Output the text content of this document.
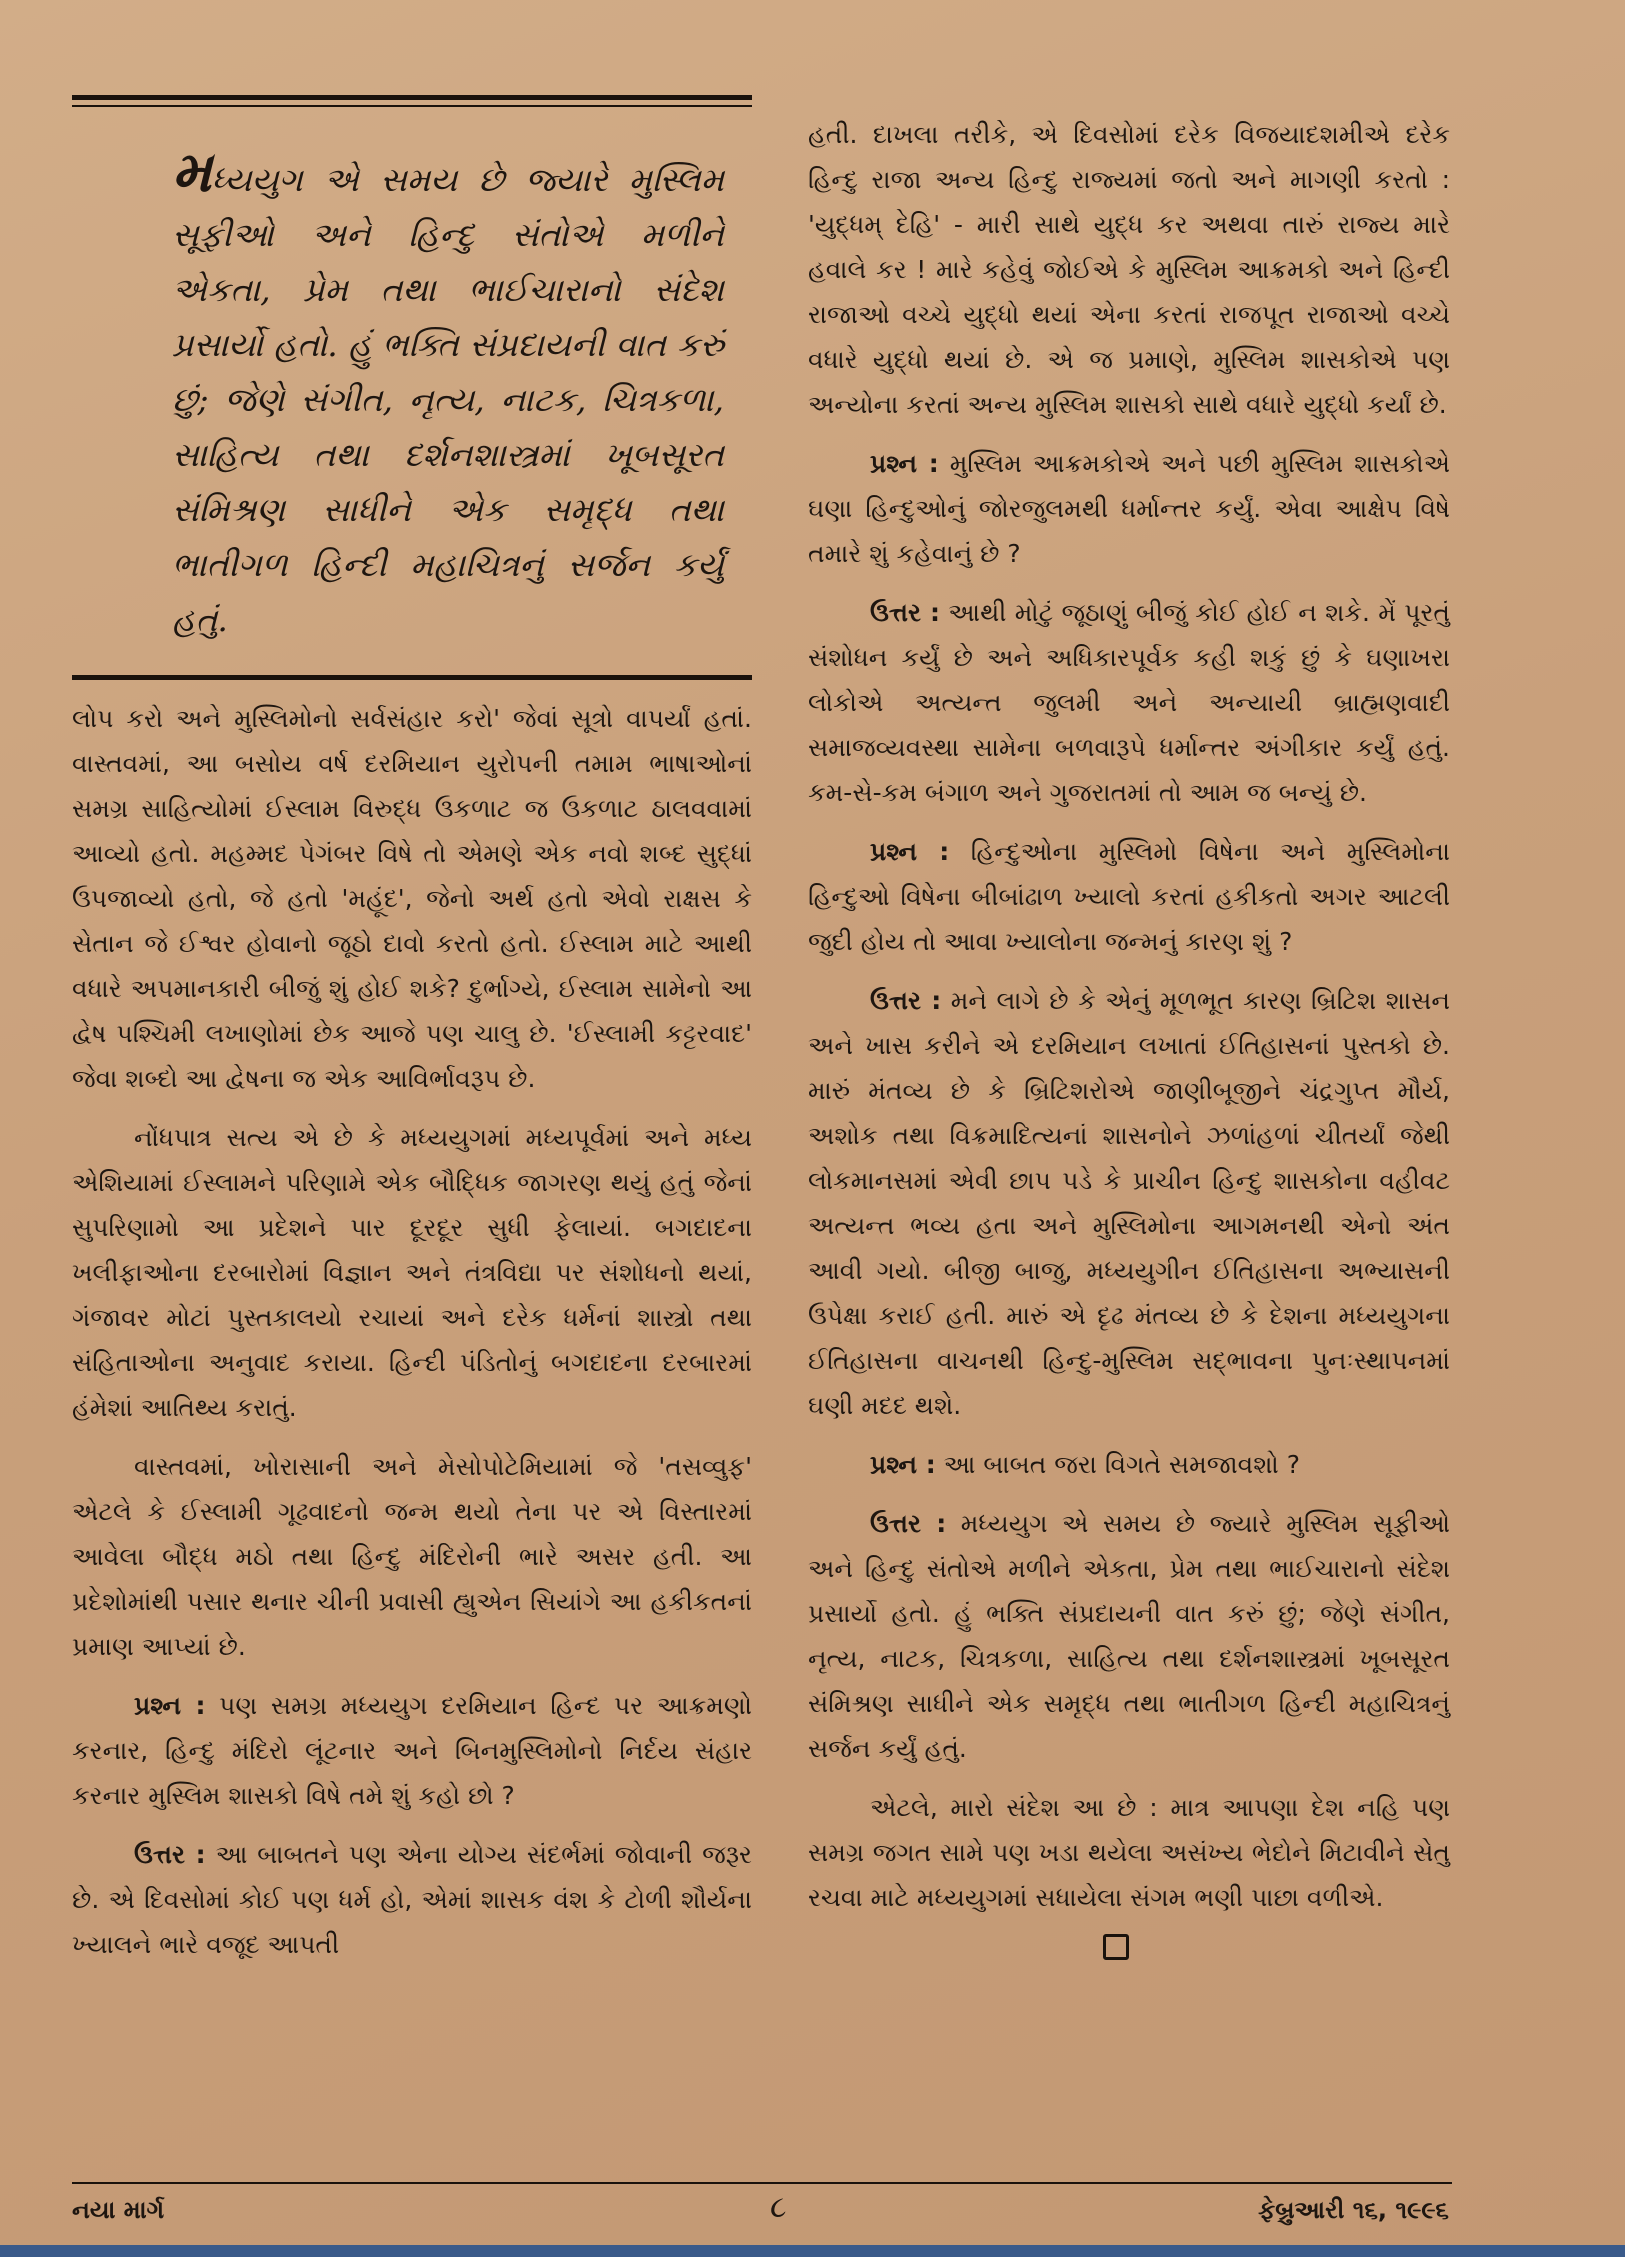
મધ્યયુગ એ સમય છે જ્યારે મુસ્લિમ સૂફીઓ અને હિન્દુ સંતોએ મળીને એકતા, પ્રેમ તથા ભાઈચારાનો સંદેશ પ્રસાર્યો હતો. હું ભક્તિ સંપ્રદાયની વાત કરું છું; જેણે સંગીત, નૃત્ય, નાટક, ચિત્રકળા, સાહિત્ય તથા દર્શનશાસ્ત્રમાં ખૂબસૂરત સંમિશ્રણ સાધીને એક સમૃદ્ધ તથા ભાતીગળ હિન્દી મહાચિત્રનું સર્જન કર્યું હતું.

લોપ કરો અને મુસ્લિમોનો સર્વસંહાર કરો' જેવાં સૂત્રો વાપર્યાં હતાં. વાસ્તવમાં, આ બસોય વર્ષ દરમિયાન યુરોપની તમામ ભાષાઓનાં સમગ્ર સાહિત્યોમાં ઈસ્લામ વિરુદ્ધ ઉકળાટ જ ઉકળાટ ઠાલવવામાં આવ્યો હતો. મહમ્મદ પેગંબર વિષે તો એમણે એક નવો શબ્દ સુદ્ધાં ઉપજાવ્યો હતો, જે હતો 'મહૂંદ', જેનો અર્થ હતો એવો રાક્ષસ કે સેતાન જે ઈશ્વર હોવાનો જૂઠો દાવો કરતો હતો. ઈસ્લામ માટે આથી વધારે અપમાનકારી બીજું શું હોઈ શકે? દુર્ભાગ્યે, ઈસ્લામ સામેનો આ દ્વેષ પશ્ચિમી લખાણોમાં છેક આજે પણ ચાલુ છે. 'ઈસ્લામી કટ્ટરવાદ' જેવા શબ્દો આ દ્વેષના જ એક આવિર્ભાવરૂપ છે.

નોંધપાત્ર સત્ય એ છે કે મધ્યયુગમાં મધ્યપૂર્વમાં અને મધ્ય એશિયામાં ઈસ્લામને પરિણામે એક બૌદ્ધિક જાગરણ થયું હતું જેનાં સુપરિણામો આ પ્રદેશને પાર દૂરદૂર સુધી ફેલાયાં. બગદાદના ખલીફાઓના દરબારોમાં વિજ્ઞાન અને તંત્રવિદ્યા પર સંશોધનો થયાં, ગંજાવર મોટાં પુસ્તકાલયો રચાયાં અને દરેક ધર્મનાં શાસ્ત્રો તથા સંહિતાઓના અનુવાદ કરાયા. હિન્દી પંડિતોનું બગદાદના દરબારમાં હંમેશાં આતિથ્ય કરાતું.

વાસ્તવમાં, ખોરાસાની અને મેસોપોટેમિયામાં જે 'તસવ્વુફ' એટલે કે ઈસ્લામી ગૂઢવાદનો જન્મ થયો તેના પર એ વિસ્તારમાં આવેલા બૌદ્ધ મઠો તથા હિન્દુ મંદિરોની ભારે અસર હતી. આ પ્રદેશોમાંથી પસાર થનાર ચીની પ્રવાસી હ્યુએન સિયાંગે આ હકીકતનાં પ્રમાણ આપ્યાં છે.

પ્રશ્ન : પણ સમગ્ર મધ્યયુગ દરમિયાન હિન્દ પર આક્રમણો કરનાર, હિન્દુ મંદિરો લૂંટનાર અને બિનમુસ્લિમોનો નિર્દય સંહાર કરનાર મુસ્લિમ શાસકો વિષે તમે શું કહો છો ?

ઉત્તર : આ બાબતને પણ એના યોગ્ય સંદર્ભમાં જોવાની જરૂર છે. એ દિવસોમાં કોઈ પણ ધર્મ હો, એમાં શાસક વંશ કે ટોળી શૌર્યના ખ્યાલને ભારે વજૂદ આપતી

હતી. દાખલા તરીકે, એ દિવસોમાં દરેક વિજયાદશમીએ દરેક હિન્દુ રાજા અન્ય હિન્દુ રાજ્યમાં જતો અને માગણી કરતો : 'યુદ્ધમ્ દેહિ' - મારી સાથે યુદ્ધ કર અથવા તારું રાજ્ય મારે હવાલે કર ! મારે કહેવું જોઈએ કે મુસ્લિમ આક્રમકો અને હિન્દી રાજાઓ વચ્ચે યુદ્ધો થયાં એના કરતાં રાજપૂત રાજાઓ વચ્ચે વધારે યુદ્ધો થયાં છે. એ જ પ્રમાણે, મુસ્લિમ શાસકોએ પણ અન્યોના કરતાં અન્ય મુસ્લિમ શાસકો સાથે વધારે યુદ્ધો કર્યાં છે.

પ્રશ્ન : મુસ્લિમ આક્રમકોએ અને પછી મુસ્લિમ શાસકોએ ઘણા હિન્દુઓનું જોરજુલમથી ધર્માન્તર કર્યું. એવા આક્ષેપ વિષે તમારે શું કહેવાનું છે ?

ઉત્તર : આથી મોટું જૂઠાણું બીજું કોઈ હોઈ ન શકે. મેં પૂરતું સંશોધન કર્યું છે અને અધિકારપૂર્વક કહી શકું છું કે ઘણાખરા લોકોએ અત્યન્ત જુલમી અને અન્યાયી બ્રાહ્મણવાદી સમાજવ્યવસ્થા સામેના બળવારૂપે ધર્માન્તર અંગીકાર કર્યું હતું. કમ-સે-કમ બંગાળ અને ગુજરાતમાં તો આમ જ બન્યું છે.

પ્રશ્ન : હિન્દુઓના મુસ્લિમો વિષેના અને મુસ્લિમોના હિન્દુઓ વિષેના બીબાંઢાળ ખ્યાલો કરતાં હકીકતો અગર આટલી જુદી હોય તો આવા ખ્યાલોના જન્મનું કારણ શું ?

ઉત્તર : મને લાગે છે કે એનું મૂળભૂત કારણ બ્રિટિશ શાસન અને ખાસ કરીને એ દરમિયાન લખાતાં ઈતિહાસનાં પુસ્તકો છે. મારું મંતવ્ય છે કે બ્રિટિશરોએ જાણીબૂજીને ચંદ્રગુપ્ત મૌર્ય, અશોક તથા વિક્રમાદિત્યનાં શાસનોને ઝળાંહળાં ચીતર્યાં જેથી લોકમાનસમાં એવી છાપ પડે કે પ્રાચીન હિન્દુ શાસકોના વહીવટ અત્યન્ત ભવ્ય હતા અને મુસ્લિમોના આગમનથી એનો અંત આવી ગયો. બીજી બાજુ, મધ્યયુગીન ઈતિહાસના અભ્યાસની ઉપેક્ષા કરાઈ હતી. મારું એ દૃઢ મંતવ્ય છે કે દેશના મધ્યયુગના ઈતિહાસના વાચનથી હિન્દુ-મુસ્લિમ સદ્ભાવના પુનઃસ્થાપનમાં ઘણી મદદ થશે.

પ્રશ્ન : આ બાબત જરા વિગતે સમજાવશો ?

ઉત્તર : મધ્યયુગ એ સમય છે જ્યારે મુસ્લિમ સૂફીઓ અને હિન્દુ સંતોએ મળીને એકતા, પ્રેમ તથા ભાઈચારાનો સંદેશ પ્રસાર્યો હતો. હું ભક્તિ સંપ્રદાયની વાત કરું છું; જેણે સંગીત, નૃત્ય, નાટક, ચિત્રકળા, સાહિત્ય તથા દર્શનશાસ્ત્રમાં ખૂબસૂરત સંમિશ્રણ સાધીને એક સમૃદ્ધ તથા ભાતીગળ હિન્દી મહાચિત્રનું સર્જન કર્યું હતું.

એટલે, મારો સંદેશ આ છે : માત્ર આપણા દેશ નહિ પણ સમગ્ર જગત સામે પણ ખડા થયેલા અસંખ્ય ભેદોને મિટાવીને સેતુ રચવા માટે મધ્યયુગમાં સધાયેલા સંગમ ભણી પાછા વળીએ.

નયા માર્ગ	૮	ફેબ્રુઆરી ૧૬, ૧૯૯૬
